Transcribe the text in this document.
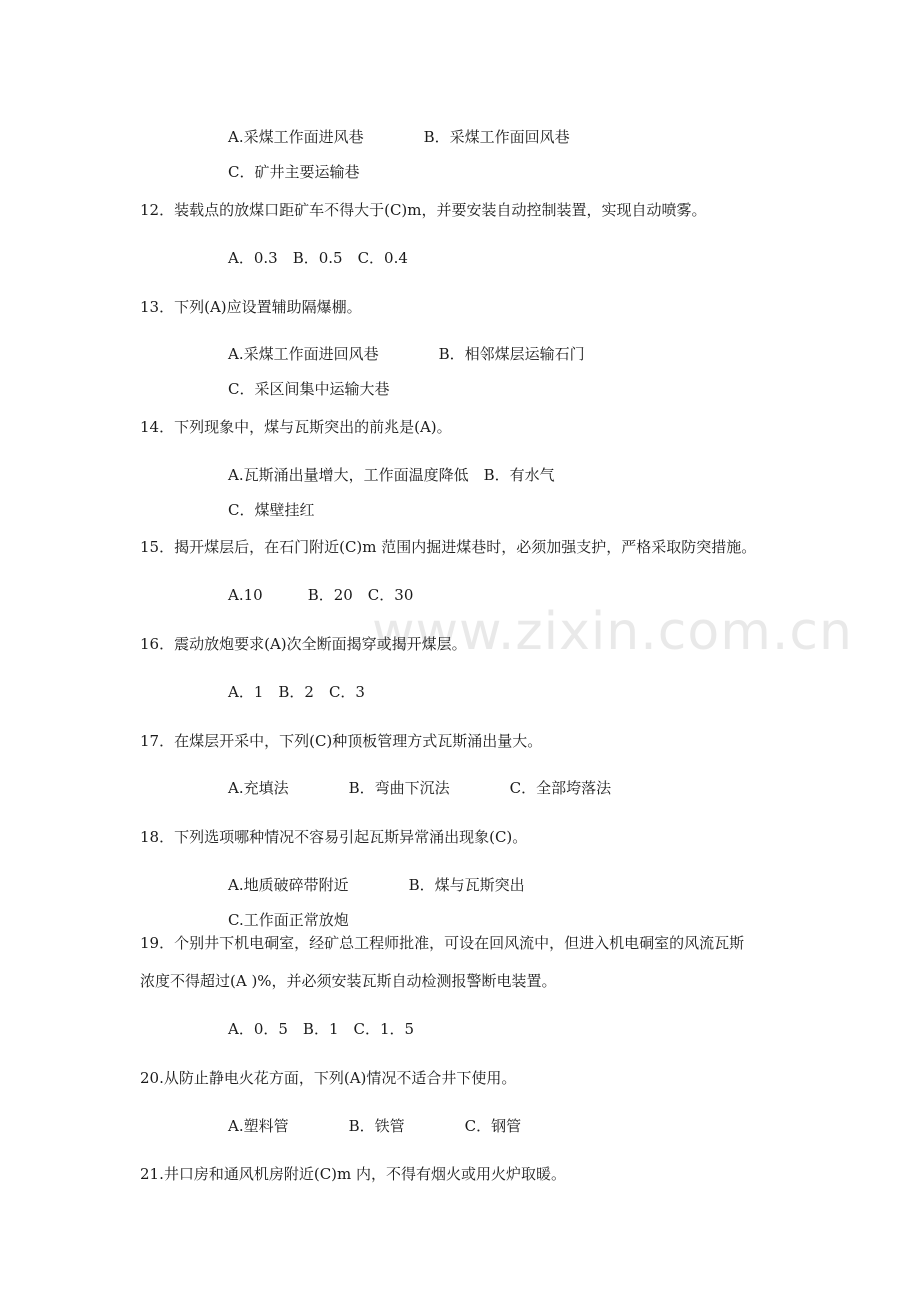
www.zixin.com.cn
A.采煤工作面进风巷　　　　B．采煤工作面回风巷
C．矿井主要运输巷
12．装载点的放煤口距矿车不得大于(C)m，并要安装自动控制装置，实现自动喷雾。
A．0.3　B．0.5　C．0.4
13．下列(A)应设置辅助隔爆棚。
A.采煤工作面进回风巷　　　　B．相邻煤层运输石门
C．采区间集中运输大巷
14．下列现象中，煤与瓦斯突出的前兆是(A)。
A.瓦斯涌出量增大，工作面温度降低　B．有水气
C．煤壁挂红
15．揭开煤层后，在石门附近(C)m 范围内掘进煤巷时，必须加强支护，严格采取防突措施。
A.10　　　B．20　C．30
16．震动放炮要求(A)次全断面揭穿或揭开煤层。
A．1　B．2　C．3
17．在煤层开采中，下列(C)种顶板管理方式瓦斯涌出量大。
A.充填法　　　　B．弯曲下沉法　　　　C．全部垮落法
18．下列选项哪种情况不容易引起瓦斯异常涌出现象(C)。
A.地质破碎带附近　　　　B．煤与瓦斯突出
C.工作面正常放炮
19．个别井下机电硐室，经矿总工程师批准，可设在回风流中，但进入机电硐室的风流瓦斯
浓度不得超过(A )%，并必须安装瓦斯自动检测报警断电装置。
A．0．5　B．1　C．1．5
20.从防止静电火花方面，下列(A)情况不适合井下使用。
A.塑料管　　　　B．铁管　　　　C．钢管
21.井口房和通风机房附近(C)m 内，不得有烟火或用火炉取暖。
